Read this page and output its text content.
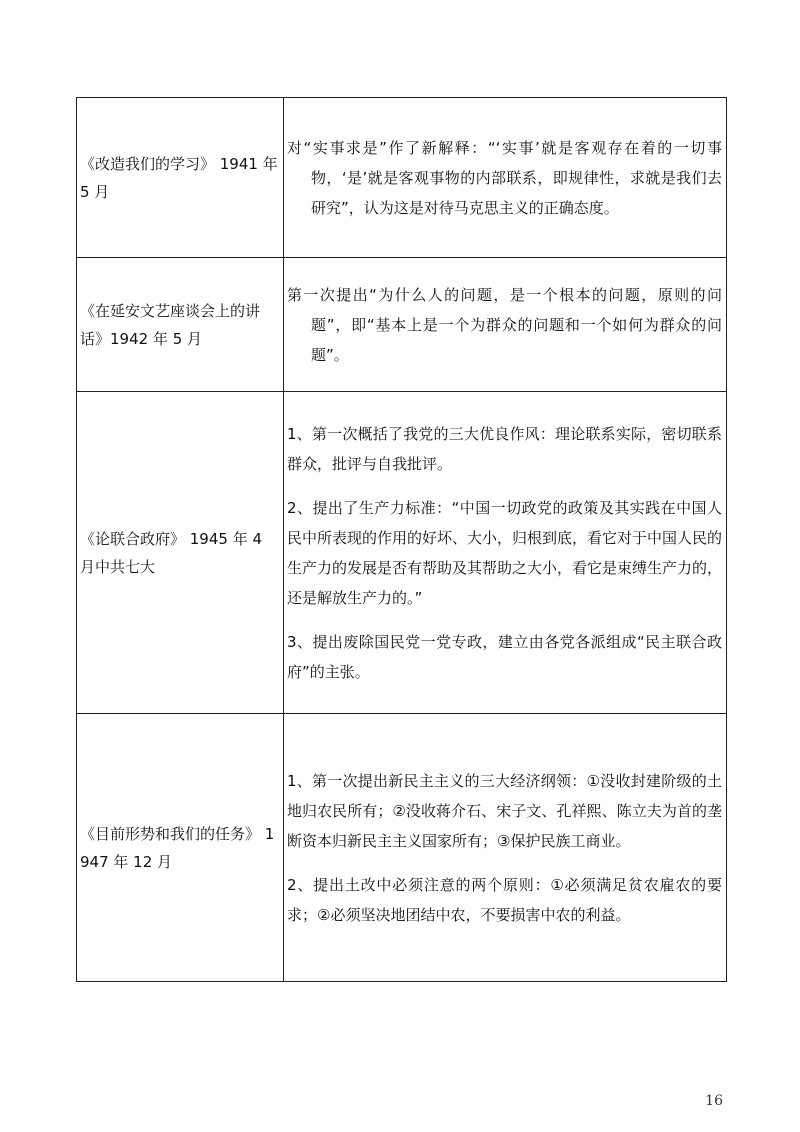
《改造我们的学习》 1941 年 5 月	对“实事求是”作了新解释：“‘实事’就是客观存在着的一切事物，‘是’就是客观事物的内部联系，即规律性，求就是我们去研究”，认为这是对待马克思主义的正确态度。

《在延安文艺座谈会上的讲话》1942 年 5 月	第一次提出“为什么人的问题，是一个根本的问题，原则的问题”，即“基本上是一个为群众的问题和一个如何为群众的问题”。

《论联合政府》 1945 年 4 月中共七大	1、第一次概括了我党的三大优良作风：理论联系实际，密切联系群众，批评与自我批评。

2、提出了生产力标准：“中国一切政党的政策及其实践在中国人民中所表现的作用的好坏、大小，归根到底，看它对于中国人民的生产力的发展是否有帮助及其帮助之大小，看它是束缚生产力的，还是解放生产力的。”

3、提出废除国民党一党专政，建立由各党各派组成“民主联合政府”的主张。

《目前形势和我们的任务》 1947 年 12 月	1、第一次提出新民主主义的三大经济纲领：①没收封建阶级的土地归农民所有；②没收蒋介石、宋子文、孔祥熙、陈立夫为首的垄断资本归新民主主义国家所有；③保护民族工商业。

2、提出土改中必须注意的两个原则：①必须满足贫农雇农的要求；②必须坚决地团结中农，不要损害中农的利益。

16
